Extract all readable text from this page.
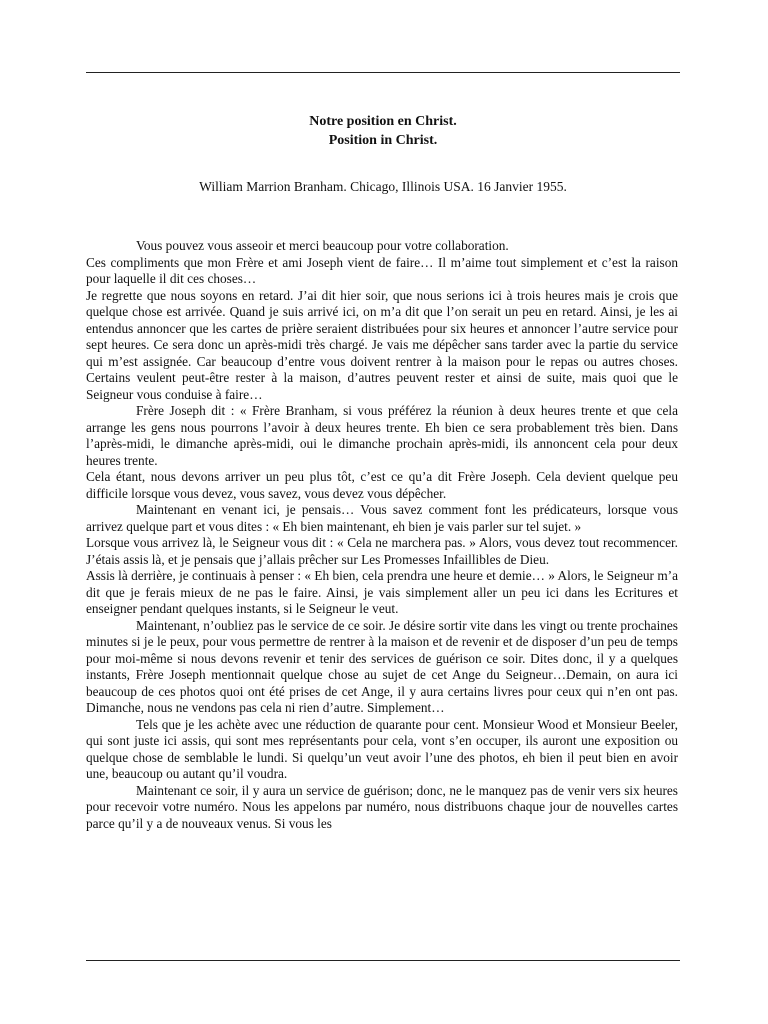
Notre position en Christ.
Position in Christ.
William Marrion Branham. Chicago, Illinois USA. 16 Janvier 1955.

Vous pouvez vous asseoir et merci beaucoup pour votre collaboration.

Ces compliments que mon Frère et ami Joseph vient de faire… Il m’aime tout simplement et c’est la raison pour laquelle il dit ces choses…

Je regrette que nous soyons en retard. J’ai dit hier soir, que nous serions ici à trois heures mais je crois que quelque chose est arrivée. Quand je suis arrivé ici, on m’a dit que l’on serait un peu en retard. Ainsi, je les ai entendus annoncer que les cartes de prière seraient distribuées pour six heures et annoncer l’autre service pour sept heures. Ce sera donc un après-midi très chargé. Je vais me dépêcher sans tarder avec la partie du service qui m’est assignée. Car beaucoup d’entre vous doivent rentrer à la maison pour le repas ou autres choses. Certains veulent peut-être rester à la maison, d’autres peuvent rester et ainsi de suite, mais quoi que le Seigneur vous conduise à faire…

Frère Joseph dit : « Frère Branham, si vous préférez la réunion à deux heures trente et que cela arrange les gens nous pourrons l’avoir à deux heures trente. Eh bien ce sera probablement très bien. Dans l’après-midi, le dimanche après-midi, oui le dimanche prochain après-midi, ils annoncent cela pour deux heures trente.

Cela étant, nous devons arriver un peu plus tôt, c’est ce qu’a dit Frère Joseph. Cela devient quelque peu difficile lorsque vous devez, vous savez, vous devez vous dépêcher.

Maintenant en venant ici, je pensais… Vous savez comment font les prédicateurs, lorsque vous arrivez quelque part et vous dites : « Eh bien maintenant, eh bien je vais parler sur tel sujet. »

Lorsque vous arrivez là, le Seigneur vous dit : « Cela ne marchera pas. » Alors, vous devez tout recommencer. J’étais assis là, et je pensais que j’allais prêcher sur Les Promesses Infaillibles de Dieu.

Assis là derrière, je continuais à penser : « Eh bien, cela prendra une heure et demie… » Alors, le Seigneur m’a dit que je ferais mieux de ne pas le faire. Ainsi, je vais simplement aller un peu ici dans les Ecritures et enseigner pendant quelques instants, si le Seigneur le veut.

Maintenant, n’oubliez pas le service de ce soir. Je désire sortir vite dans les vingt ou trente prochaines minutes si je le peux, pour vous permettre de rentrer à la maison et de revenir et de disposer d’un peu de temps pour moi-même si nous devons revenir et tenir des services de guérison ce soir. Dites donc, il y a quelques instants, Frère Joseph mentionnait quelque chose au sujet de cet Ange du Seigneur…Demain, on aura ici beaucoup de ces photos quoi ont été prises de cet Ange, il y aura certains livres pour ceux qui n’en ont pas. Dimanche, nous ne vendons pas cela ni rien d’autre. Simplement…

Tels que je les achète avec une réduction de quarante pour cent. Monsieur Wood et Monsieur Beeler, qui sont juste ici assis, qui sont mes représentants pour cela, vont s’en occuper, ils auront une exposition ou quelque chose de semblable le lundi. Si quelqu’un veut avoir l’une des photos, eh bien il peut bien en avoir une, beaucoup ou autant qu’il voudra.

Maintenant ce soir, il y aura un service de guérison; donc, ne le manquez pas de venir vers six heures pour recevoir votre numéro. Nous les appelons par numéro, nous distribuons chaque jour de nouvelles cartes parce qu’il y a de nouveaux venus. Si vous les
